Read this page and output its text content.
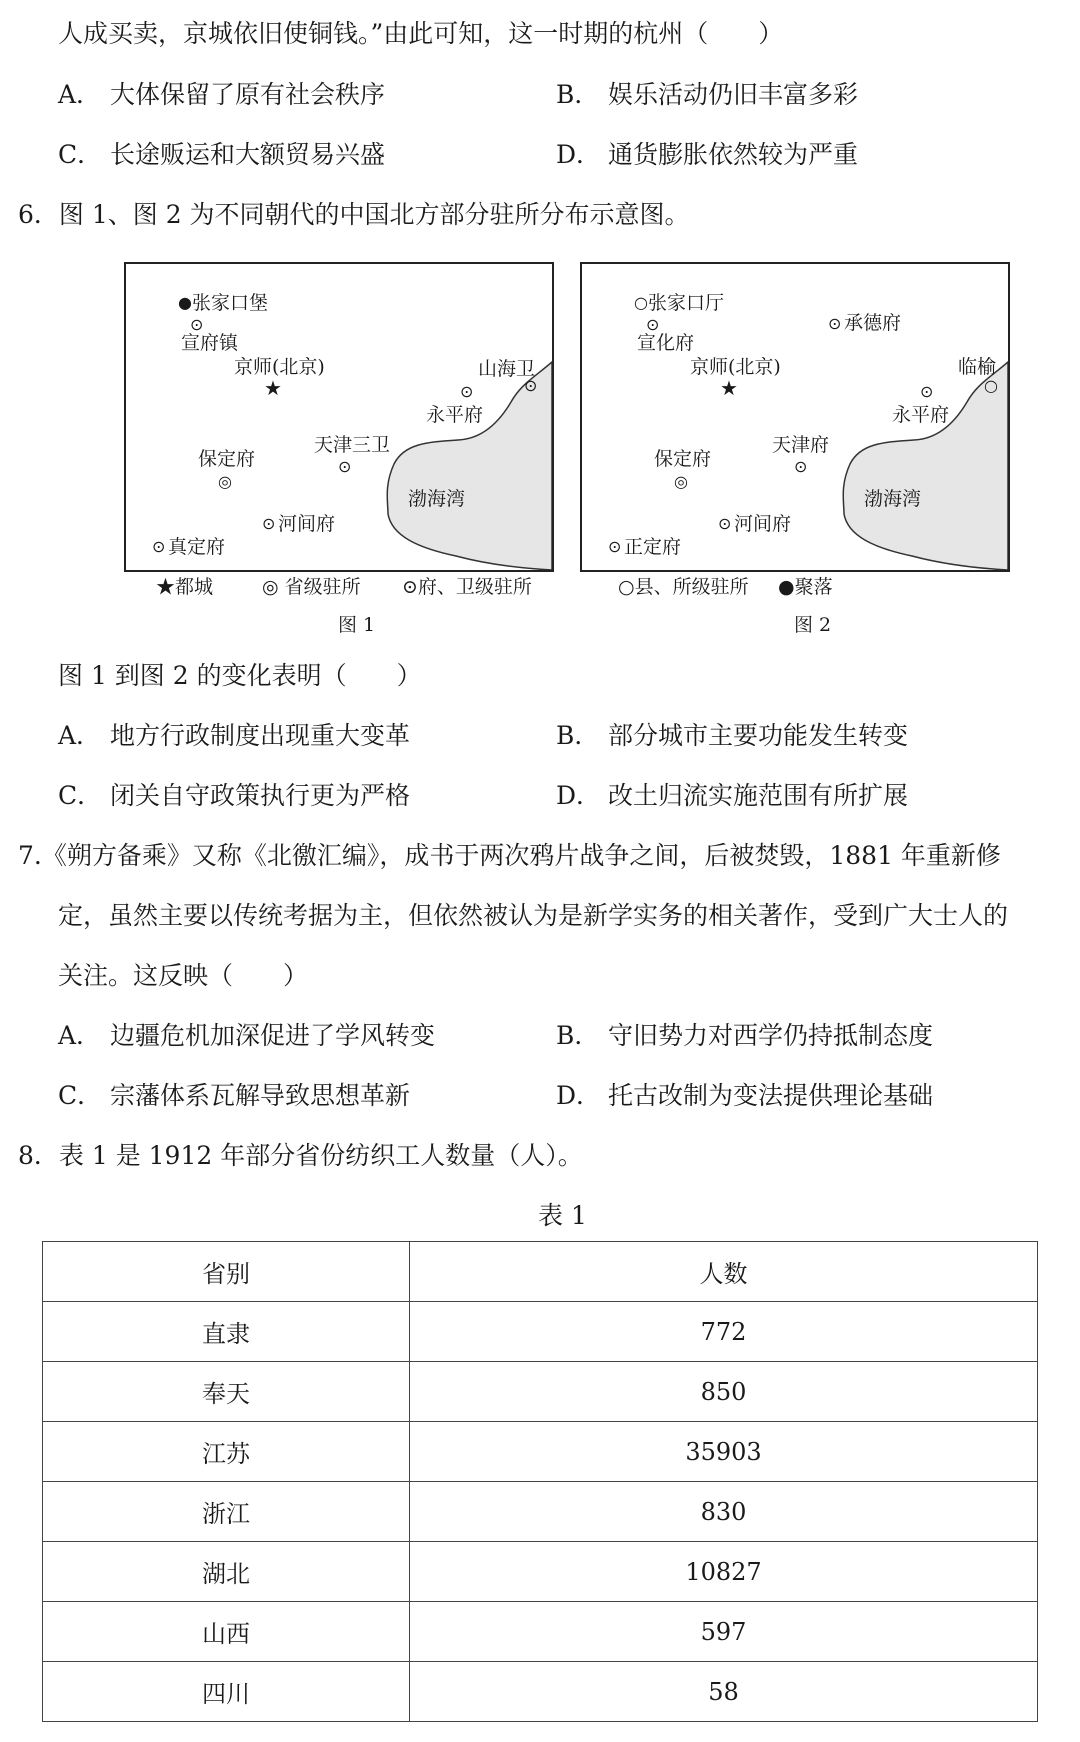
人成买卖，京城依旧使铜钱。”由此可知，这一时期的杭州（　　）
A． 大体保留了原有社会秩序	B． 娱乐活动仍旧丰富多彩
C． 长途贩运和大额贸易兴盛	D． 通货膨胀依然较为严重
6．图 1、图 2 为不同朝代的中国北方部分驻所分布示意图。
● 张家口堡
⊙
宣府镇
京师(北京)
★
山海卫
⊙
⊙
永平府
天津三卫
⊙
保定府
◎
渤海湾
⊙ 河间府
⊙ 真定府
★都城	◎ 省级驻所 ⊙府、卫级驻所
图 1
○ 张家口厅
⊙
宣化府
⊙ 承德府
京师(北京)
★
临榆
○
⊙
永平府
天津府
⊙
保定府
◎
渤海湾
⊙ 河间府
⊙ 正定府
○县、所级驻所 ●聚落
图 2
图 1 到图 2 的变化表明（　　）
A． 地方行政制度出现重大变革	B． 部分城市主要功能发生转变
C． 闭关自守政策执行更为严格	D． 改土归流实施范围有所扩展
7.《朔方备乘》又称《北徼汇编》，成书于两次鸦片战争之间，后被焚毁，1881 年重新修
定，虽然主要以传统考据为主，但依然被认为是新学实务的相关著作，受到广大士人的
关注。这反映（　　）
A． 边疆危机加深促进了学风转变	B． 守旧势力对西学仍持抵制态度
C． 宗藩体系瓦解导致思想革新	D． 托古改制为变法提供理论基础
8．表 1 是 1912 年部分省份纺织工人数量（人）。
表 1
省别	人数
直隶	772
奉天	850
江苏	35903
浙江	830
湖北	10827
山西	597
四川	58
